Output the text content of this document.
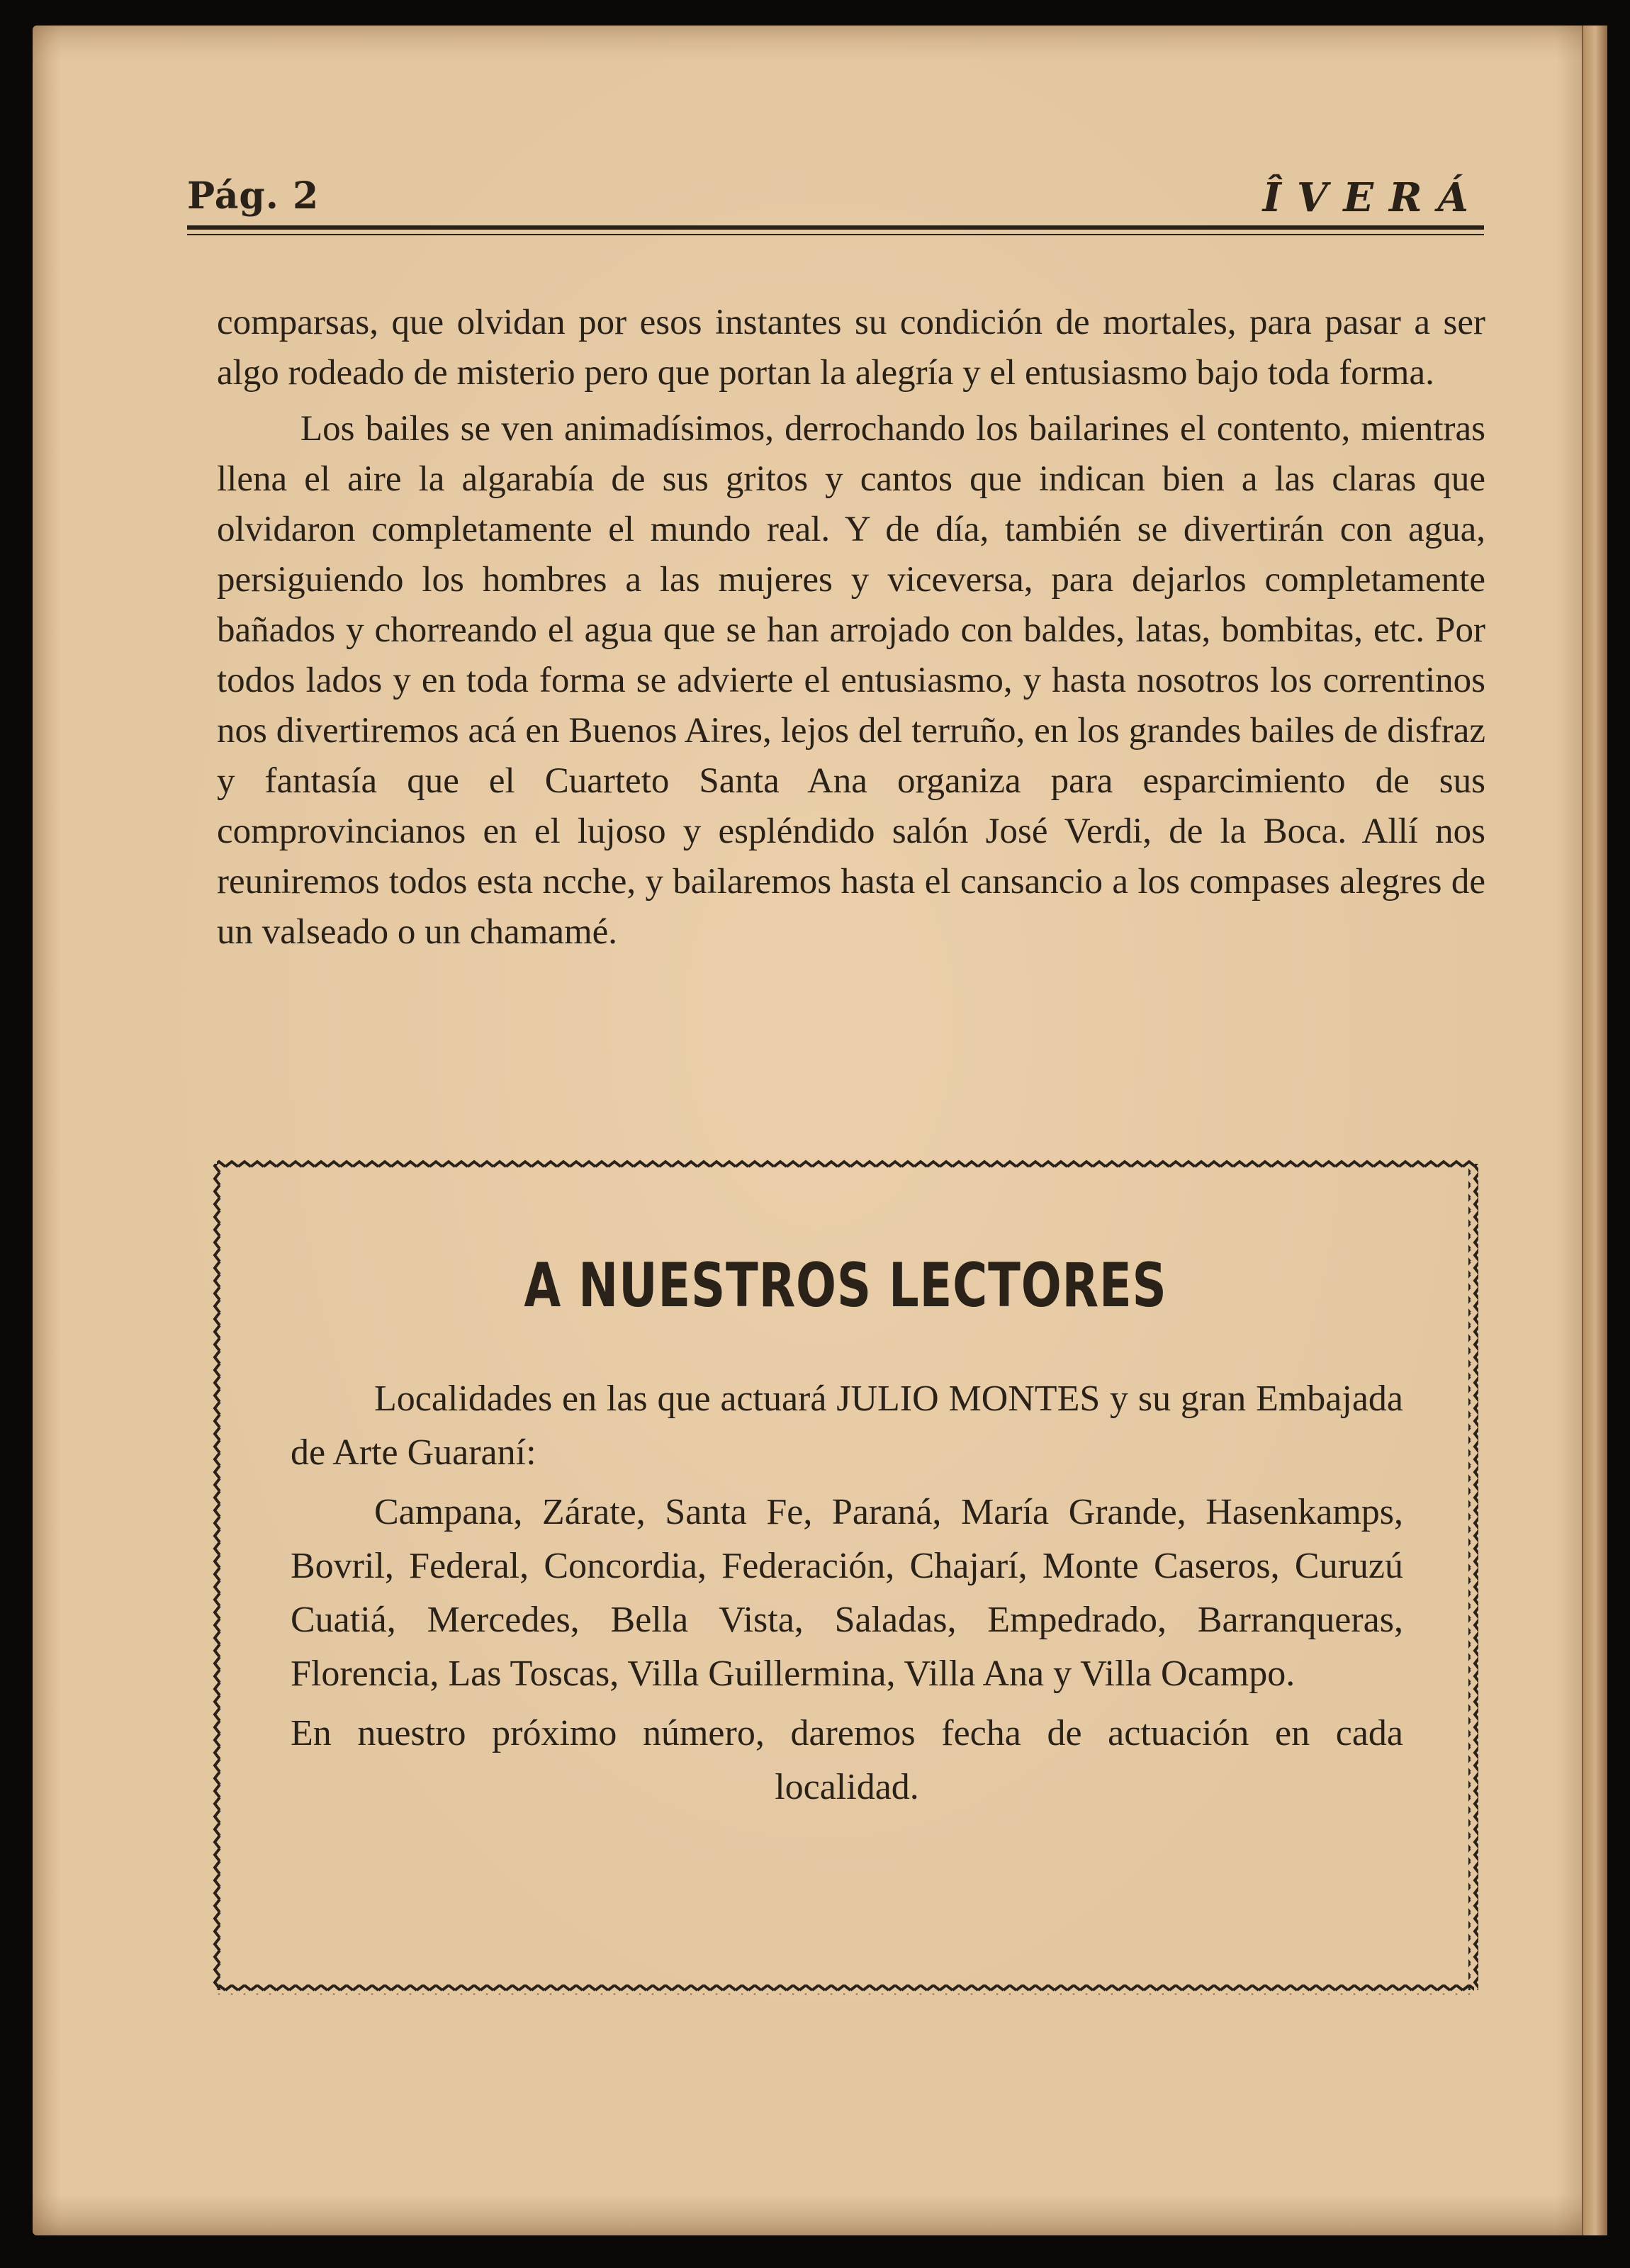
Pág. 2	ÎVERÁ

comparsas, que olvidan por esos instantes su condición de mortales, para pasar a ser algo rodeado de misterio pero que portan la alegría y el entusiasmo bajo toda forma.

Los bailes se ven animadísimos, derrochando los bailarines el contento, mientras llena el aire la algarabía de sus gritos y cantos que indican bien a las claras que olvidaron completamente el mundo real. Y de día, también se divertirán con agua, persiguiendo los hombres a las mujeres y viceversa, para dejarlos completamente bañados y chorreando el agua que se han arrojado con baldes, latas, bombitas, etc. Por todos lados y en toda forma se advierte el entusiasmo, y hasta nosotros los correntinos nos divertiremos acá en Buenos Aires, lejos del terruño, en los grandes bailes de disfraz y fantasía que el Cuarteto Santa Ana organiza para esparcimiento de sus comprovincianos en el lujoso y espléndido salón José Verdi, de la Boca. Allí nos reuniremos todos esta nсche, y bailaremos hasta el cansancio a los compases alegres de un valseado o un chamamé.

A NUESTROS LECTORES

Localidades en las que actuará JULIO MONTES y su gran Embajada de Arte Guaraní:

Campana, Zárate, Santa Fe, Paraná, María Grande, Hasenkamps, Bovril, Federal, Concordia, Federación, Chajarí, Monte Caseros, Curuzú Cuatiá, Mercedes, Bella Vista, Saladas, Empedrado, Barranqueras, Florencia, Las Toscas, Villa Guillermina, Villa Ana y Villa Ocampo.

En nuestro próximo número, daremos fecha de actuación en cada localidad.
